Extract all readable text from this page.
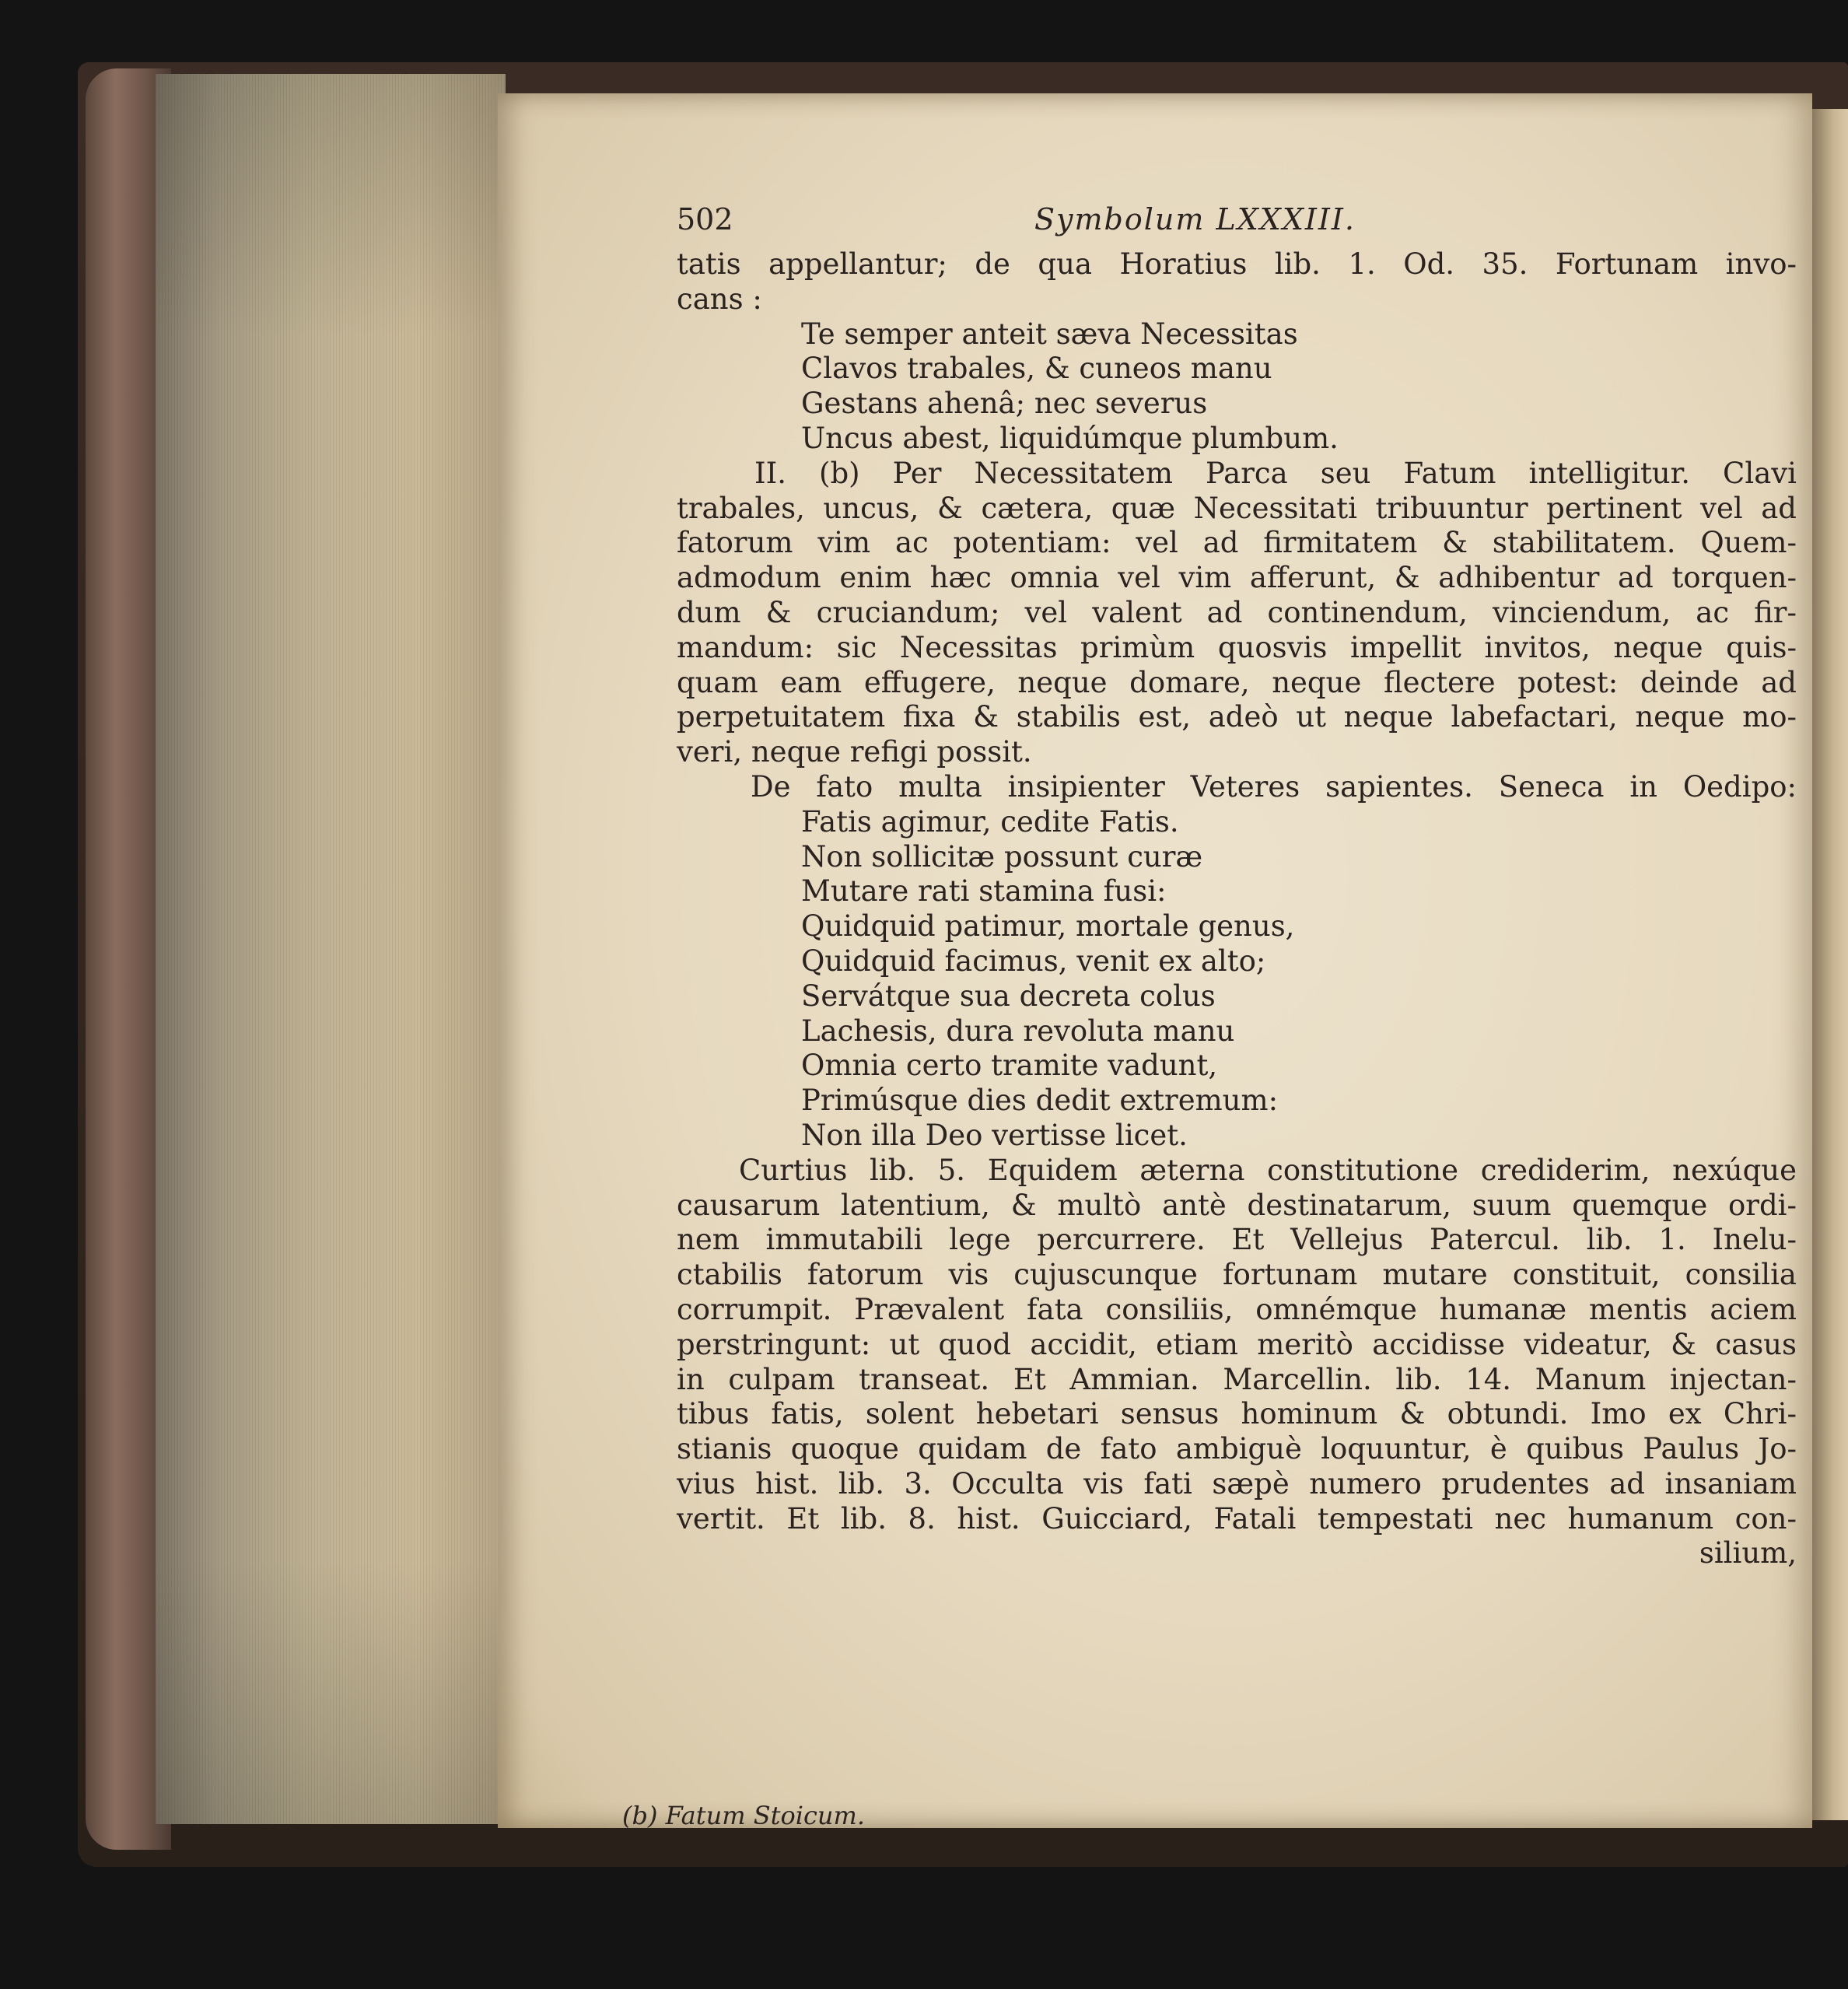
502	Symbolum LXXXIII.
tatis appellantur; de qua Horatius lib. 1. Od. 35. Fortunam invo-
cans :
Te semper anteit sæva Necessitas
Clavos trabales, & cuneos manu
Gestans ahenâ; nec severus
Uncus abest, liquidúmque plumbum.
II. (b) Per Necessitatem Parca seu Fatum intelligitur. Clavi
trabales, uncus, & cætera, quæ Necessitati tribuuntur pertinent vel ad
fatorum vim ac potentiam: vel ad firmitatem & stabilitatem. Quem-
admodum enim hæc omnia vel vim afferunt, & adhibentur ad torquen-
dum & cruciandum; vel valent ad continendum, vinciendum, ac fir-
mandum: sic Necessitas primùm quosvis impellit invitos, neque quis-
quam eam effugere, neque domare, neque flectere potest: deinde ad
perpetuitatem fixa & stabilis est, adeò ut neque labefactari, neque mo-
veri, neque refigi possit.
De fato multa insipienter Veteres sapientes. Seneca in Oedipo:
Fatis agimur, cedite Fatis.
Non sollicitæ possunt curæ
Mutare rati stamina fusi:
Quidquid patimur, mortale genus,
Quidquid facimus, venit ex alto;
Servátque sua decreta colus
Lachesis, dura revoluta manu
Omnia certo tramite vadunt,
Primúsque dies dedit extremum:
Non illa Deo vertisse licet.
Curtius lib. 5. Equidem æterna constitutione crediderim, nexúque
causarum latentium, & multò antè destinatarum, suum quemque ordi-
nem immutabili lege percurrere. Et Vellejus Patercul. lib. 1. Inelu-
ctabilis fatorum vis cujuscunque fortunam mutare constituit, consilia
corrumpit. Prævalent fata consiliis, omnémque humanæ mentis aciem
perstringunt: ut quod accidit, etiam meritò accidisse videatur, & casus
in culpam transeat. Et Ammian. Marcellin. lib. 14. Manum injectan-
tibus fatis, solent hebetari sensus hominum & obtundi. Imo ex Chri-
stianis quoque quidam de fato ambiguè loquuntur, è quibus Paulus Jo-
vius hist. lib. 3. Occulta vis fati sæpè numero prudentes ad insaniam
vertit. Et lib. 8. hist. Guicciard, Fatali tempestati nec humanum con-
silium,
(b) Fatum Stoicum.
